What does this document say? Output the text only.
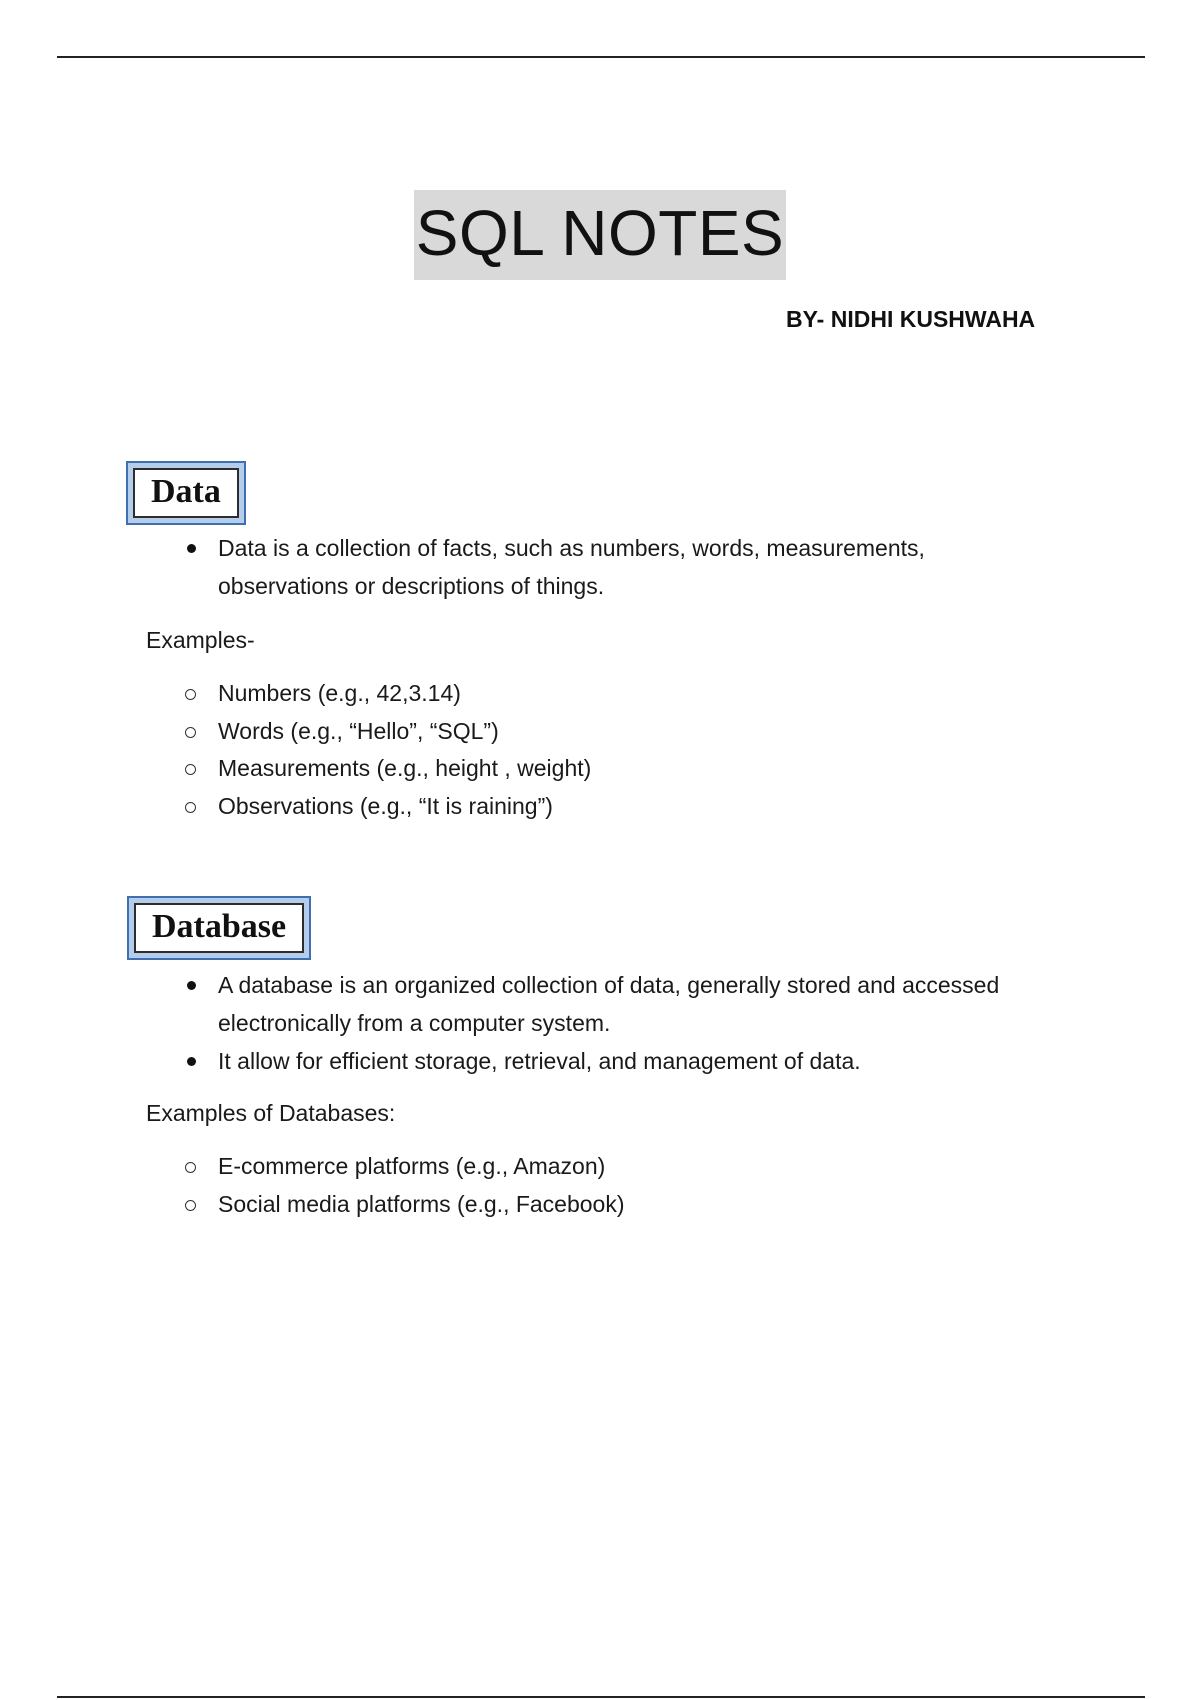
SQL NOTES
BY- NIDHI KUSHWAHA
Data
Data is a collection of facts, such as numbers, words, measurements, observations or descriptions of things.
Examples-
Numbers (e.g., 42,3.14)
Words (e.g., “Hello”, “SQL”)
Measurements (e.g., height , weight)
Observations (e.g., “It is raining”)
Database
A database is an organized collection of data, generally stored and accessed electronically from a computer system.
It allow for efficient storage, retrieval, and management of data.
Examples of Databases:
E-commerce platforms (e.g., Amazon)
Social media platforms (e.g., Facebook)
